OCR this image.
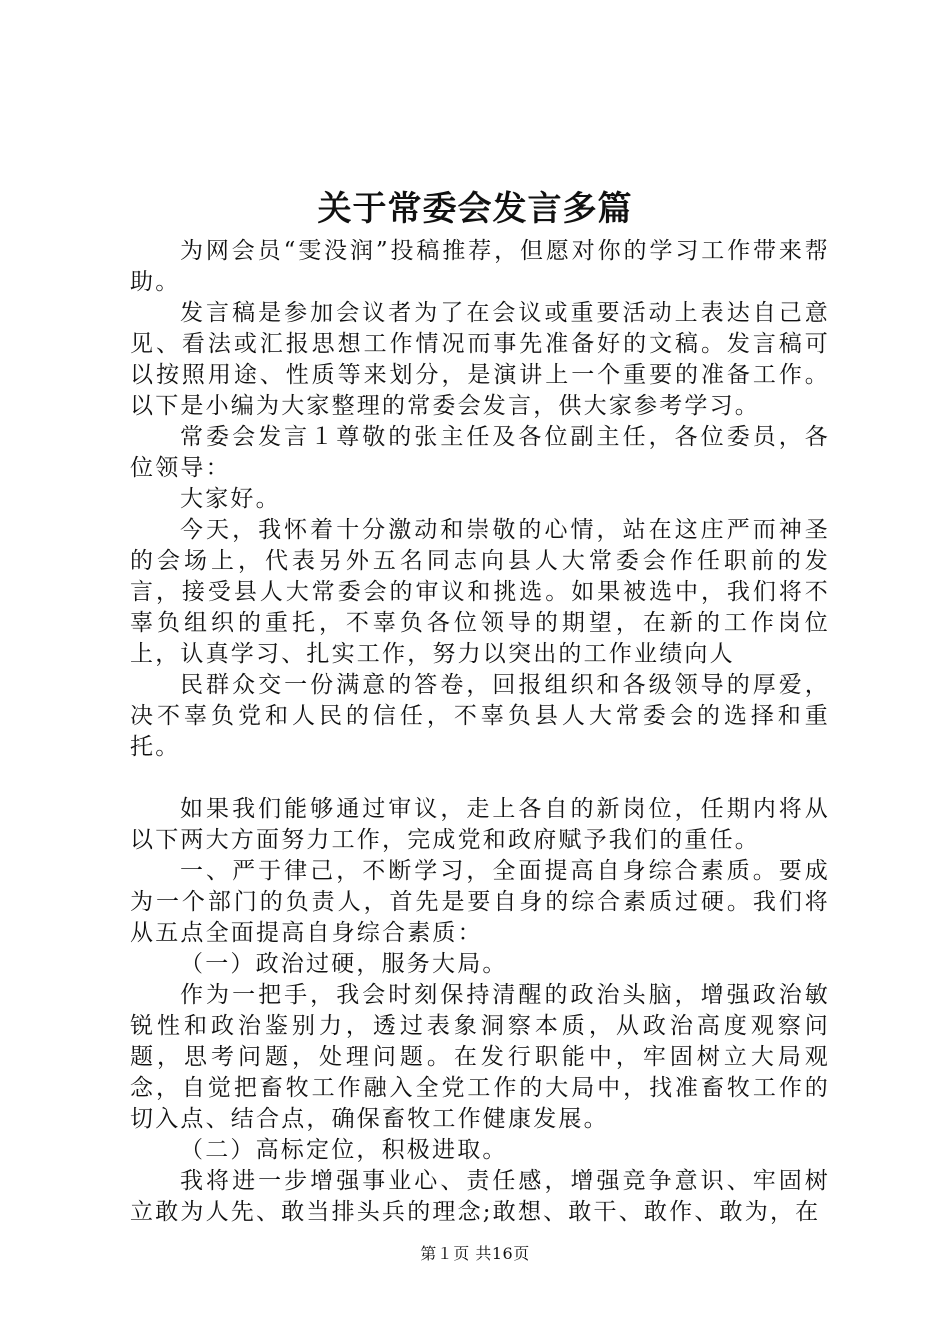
关于常委会发言多篇

为网会员“雯没润”投稿推荐，但愿对你的学习工作带来帮助。

发言稿是参加会议者为了在会议或重要活动上表达自己意见、看法或汇报思想工作情况而事先准备好的文稿。发言稿可以按照用途、性质等来划分，是演讲上一个重要的准备工作。以下是小编为大家整理的常委会发言，供大家参考学习。

常委会发言１尊敬的张主任及各位副主任，各位委员，各位领导：

大家好。

今天，我怀着十分激动和崇敬的心情，站在这庄严而神圣的会场上，代表另外五名同志向县人大常委会作任职前的发言，接受县人大常委会的审议和挑选。如果被选中，我们将不辜负组织的重托，不辜负各位领导的期望，在新的工作岗位上，认真学习、扎实工作，努力以突出的工作业绩向人

民群众交一份满意的答卷，回报组织和各级领导的厚爱，决不辜负党和人民的信任，不辜负县人大常委会的选择和重托。

如果我们能够通过审议，走上各自的新岗位，任期内将从以下两大方面努力工作，完成党和政府赋予我们的重任。

一、严于律己，不断学习，全面提高自身综合素质。要成为一个部门的负责人，首先是要自身的综合素质过硬。我们将从五点全面提高自身综合素质：

（一）政治过硬，服务大局。

作为一把手，我会时刻保持清醒的政治头脑，增强政治敏锐性和政治鉴别力，透过表象洞察本质，从政治高度观察问题，思考问题，处理问题。在发行职能中，牢固树立大局观念，自觉把畜牧工作融入全党工作的大局中，找准畜牧工作的切入点、结合点，确保畜牧工作健康发展。

（二）高标定位，积极进取。

我将进一步增强事业心、责任感，增强竞争意识、牢固树立敢为人先、敢当排头兵的理念;敢想、敢干、敢作、敢为，在

第１页 共16页
